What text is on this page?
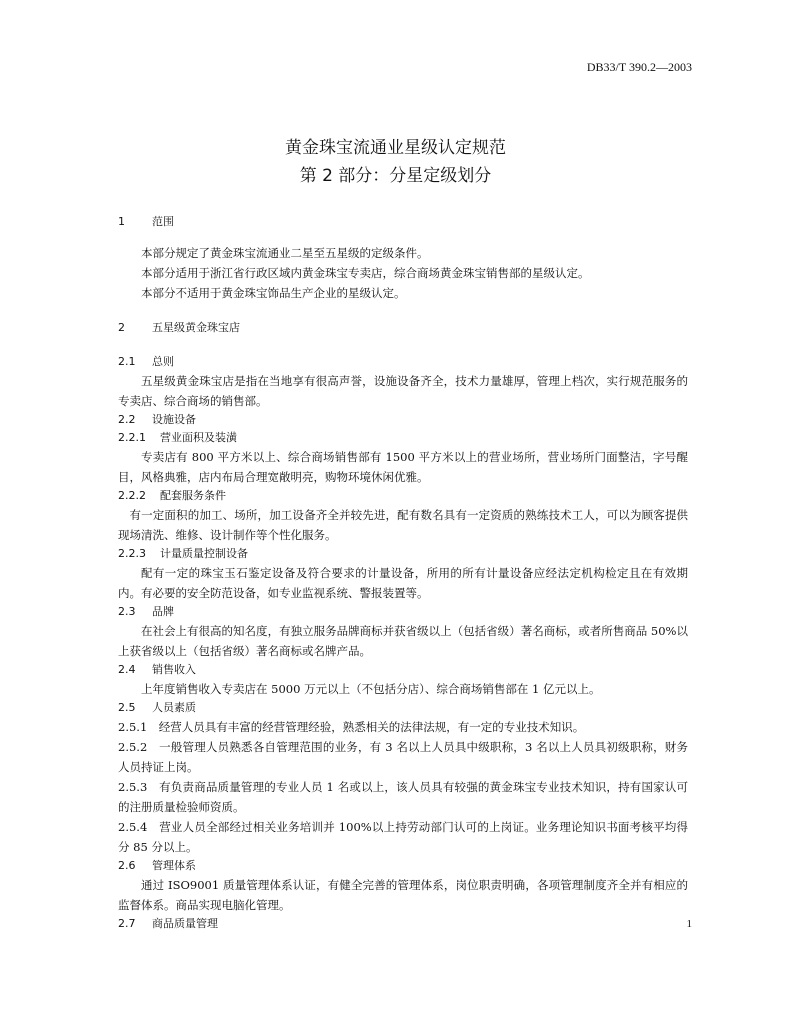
DB33/T 390.2—2003
黄金珠宝流通业星级认定规范
第 2 部分：分星定级划分
1 范围

本部分规定了黄金珠宝流通业二星至五星级的定级条件。

本部分适用于浙江省行政区域内黄金珠宝专卖店，综合商场黄金珠宝销售部的星级认定。

本部分不适用于黄金珠宝饰品生产企业的星级认定。

2 五星级黄金珠宝店
2.1 总则

五星级黄金珠宝店是指在当地享有很高声誉，设施设备齐全，技术力量雄厚，管理上档次，实行规范服务的专卖店、综合商场的销售部。

2.2 设施设备
2.2.1 营业面积及装潢

专卖店有 800 平方米以上、综合商场销售部有 1500 平方米以上的营业场所，营业场所门面整洁，字号醒目，风格典雅，店内布局合理宽敞明亮，购物环境休闲优雅。

2.2.2 配套服务条件

有一定面积的加工、场所，加工设备齐全并较先进，配有数名具有一定资质的熟练技术工人，可以为顾客提供现场清洗、维修、设计制作等个性化服务。

2.2.3 计量质量控制设备

配有一定的珠宝玉石鉴定设备及符合要求的计量设备，所用的所有计量设备应经法定机构检定且在有效期内。有必要的安全防范设备，如专业监视系统、警报装置等。

2.3 品牌

在社会上有很高的知名度，有独立服务品牌商标并获省级以上（包括省级）著名商标，或者所售商品 50%以上获省级以上（包括省级）著名商标或名牌产品。

2.4 销售收入

上年度销售收入专卖店在 5000 万元以上（不包括分店）、综合商场销售部在 1 亿元以上。

2.5 人员素质

2.5.1　 经营人员具有丰富的经营管理经验，熟悉相关的法律法规，有一定的专业技术知识。

2.5.2　 一般管理人员熟悉各自管理范围的业务，有 3 名以上人员具中级职称，3 名以上人员具初级职称，财务人员持证上岗。

2.5.3　 有负责商品质量管理的专业人员 1 名或以上，该人员具有较强的黄金珠宝专业技术知识，持有国家认可的注册质量检验师资质。

2.5.4　 营业人员全部经过相关业务培训并 100%以上持劳动部门认可的上岗证。业务理论知识书面考核平均得分 85 分以上。

2.6 管理体系

通过 ISO9001 质量管理体系认证，有健全完善的管理体系，岗位职责明确，各项管理制度齐全并有相应的监督体系。商品实现电脑化管理。

2.7 商品质量管理	1
